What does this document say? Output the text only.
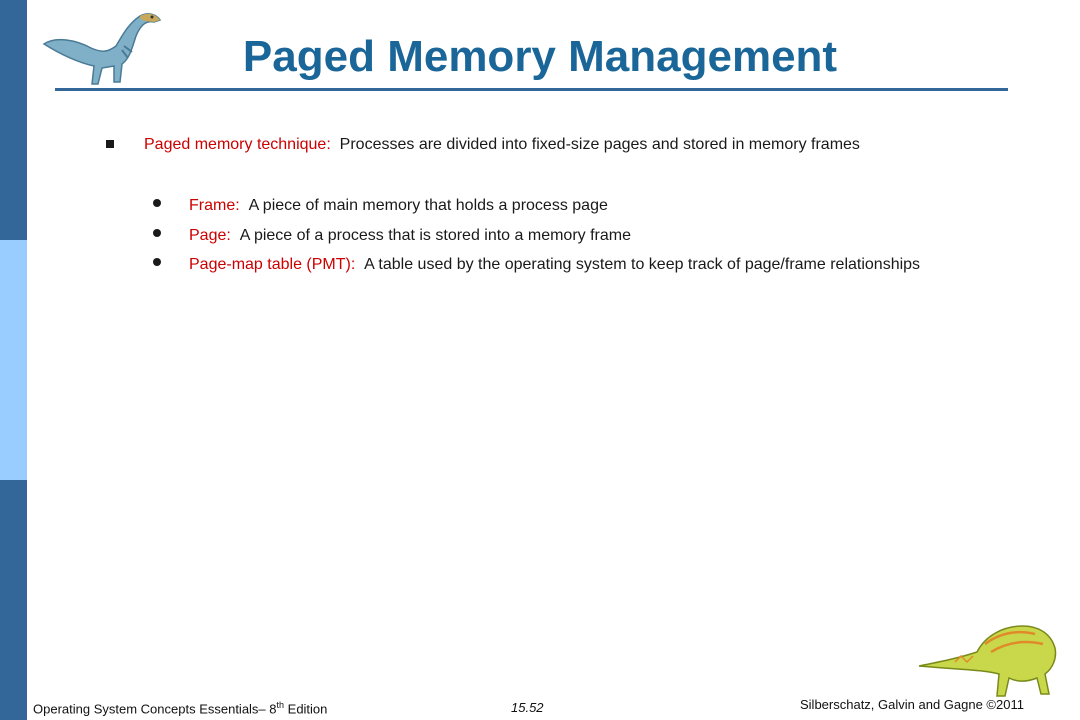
Paged Memory Management
Paged memory technique: Processes are divided into fixed-size pages and stored in memory frames
Frame: A piece of main memory that holds a process page
Page: A piece of a process that is stored into a memory frame
Page-map table (PMT): A table used by the operating system to keep track of page/frame relationships
Operating System Concepts Essentials– 8th Edition	15.52	Silberschatz, Galvin and Gagne ©2011
